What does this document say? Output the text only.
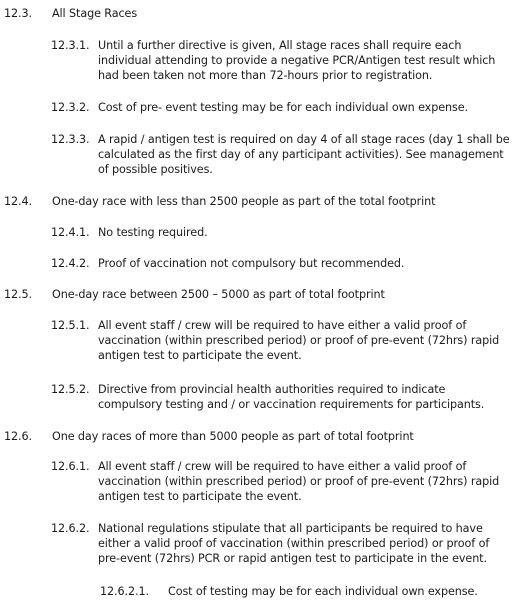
12.3. All Stage Races
12.3.1. Until a further directive is given, All stage races shall require each
individual attending to provide a negative PCR/Antigen test result which
had been taken not more than 72-hours prior to registration.
12.3.2. Cost of pre- event testing may be for each individual own expense.
12.3.3. A rapid / antigen test is required on day 4 of all stage races (day 1 shall be
calculated as the first day of any participant activities). See management
of possible positives.
12.4. One-day race with less than 2500 people as part of the total footprint
12.4.1. No testing required.
12.4.2. Proof of vaccination not compulsory but recommended.
12.5. One-day race between 2500 – 5000 as part of total footprint
12.5.1. All event staff / crew will be required to have either a valid proof of
vaccination (within prescribed period) or proof of pre-event (72hrs) rapid
antigen test to participate the event.
12.5.2. Directive from provincial health authorities required to indicate
compulsory testing and / or vaccination requirements for participants.
12.6. One day races of more than 5000 people as part of total footprint
12.6.1. All event staff / crew will be required to have either a valid proof of
vaccination (within prescribed period) or proof of pre-event (72hrs) rapid
antigen test to participate the event.
12.6.2. National regulations stipulate that all participants be required to have
either a valid proof of vaccination (within prescribed period) or proof of
pre-event (72hrs) PCR or rapid antigen test to participate in the event.
12.6.2.1. Cost of testing may be for each individual own expense.
